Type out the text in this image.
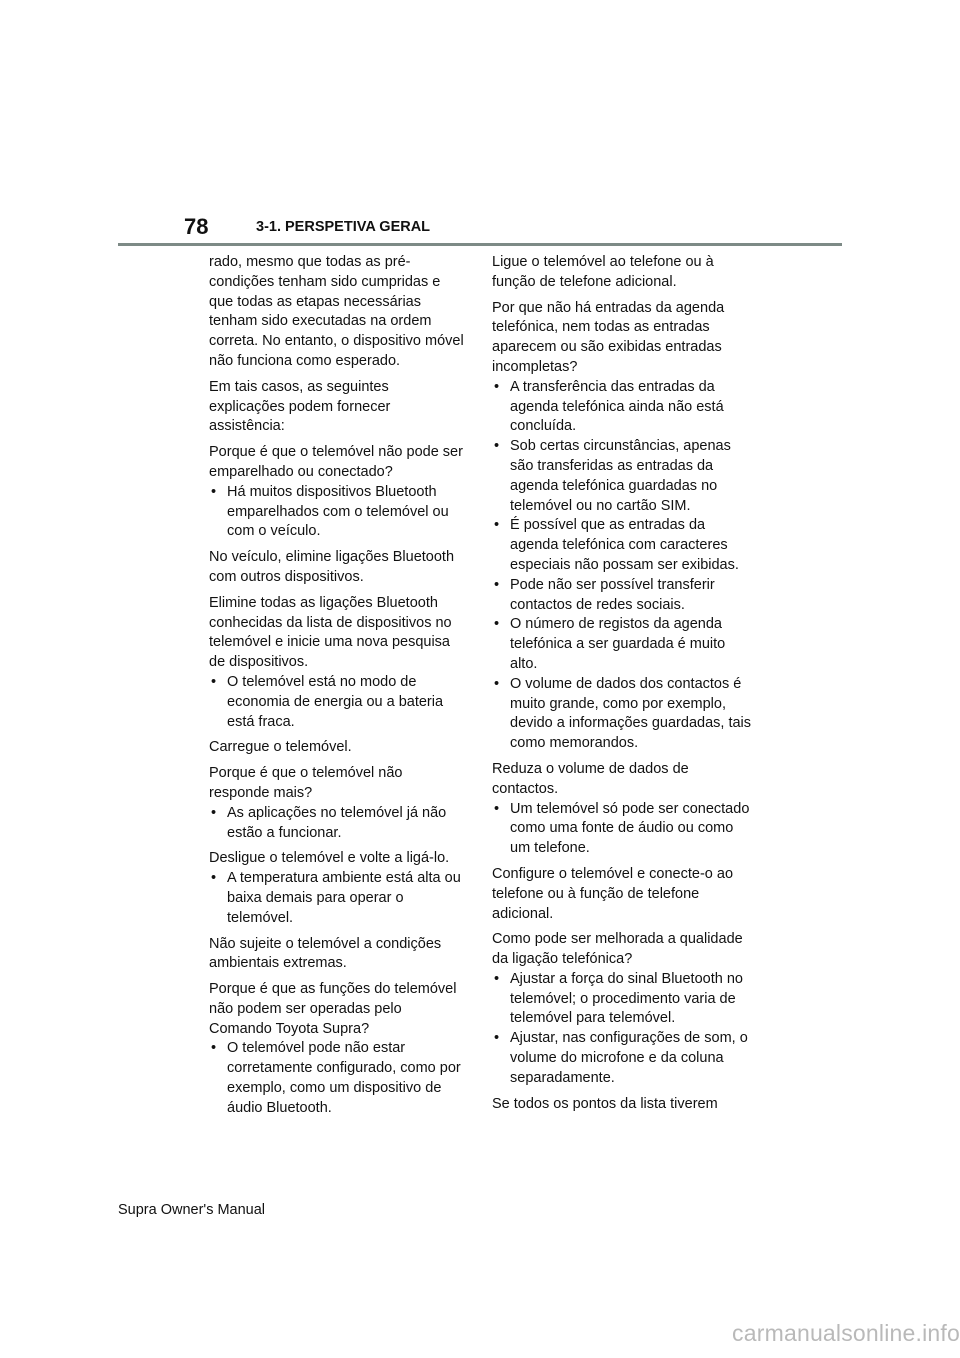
78	3-1. PERSPETIVA GERAL

rado, mesmo que todas as pré-condições tenham sido cumpridas e que todas as etapas necessárias tenham sido executadas na ordem correta. No entanto, o dispositivo móvel não funciona como esperado.

Em tais casos, as seguintes explicações podem fornecer assistência:

Porque é que o telemóvel não pode ser emparelhado ou conectado?

• Há muitos dispositivos Bluetooth emparelhados com o telemóvel ou com o veículo.

No veículo, elimine ligações Bluetooth com outros dispositivos.

Elimine todas as ligações Bluetooth conhecidas da lista de dispositivos no telemóvel e inicie uma nova pesquisa de dispositivos.

• O telemóvel está no modo de economia de energia ou a bateria está fraca.

Carregue o telemóvel.

Porque é que o telemóvel não responde mais?

• As aplicações no telemóvel já não estão a funcionar.

Desligue o telemóvel e volte a ligá-lo.

• A temperatura ambiente está alta ou baixa demais para operar o telemóvel.

Não sujeite o telemóvel a condições ambientais extremas.

Porque é que as funções do telemóvel não podem ser operadas pelo Comando Toyota Supra?

• O telemóvel pode não estar corretamente configurado, como por exemplo, como um dispositivo de áudio Bluetooth.

Ligue o telemóvel ao telefone ou à função de telefone adicional.

Por que não há entradas da agenda telefónica, nem todas as entradas aparecem ou são exibidas entradas incompletas?

• A transferência das entradas da agenda telefónica ainda não está concluída.
• Sob certas circunstâncias, apenas são transferidas as entradas da agenda telefónica guardadas no telemóvel ou no cartão SIM.
• É possível que as entradas da agenda telefónica com caracteres especiais não possam ser exibidas.
• Pode não ser possível transferir contactos de redes sociais.
• O número de registos da agenda telefónica a ser guardada é muito alto.
• O volume de dados dos contactos é muito grande, como por exemplo, devido a informações guardadas, tais como memorandos.

Reduza o volume de dados de contactos.

• Um telemóvel só pode ser conectado como uma fonte de áudio ou como um telefone.

Configure o telemóvel e conecte-o ao telefone ou à função de telefone adicional.

Como pode ser melhorada a qualidade da ligação telefónica?

• Ajustar a força do sinal Bluetooth no telemóvel; o procedimento varia de telemóvel para telemóvel.
• Ajustar, nas configurações de som, o volume do microfone e da coluna separadamente.

Se todos os pontos da lista tiverem

Supra Owner's Manual
carmanualsonline.info
